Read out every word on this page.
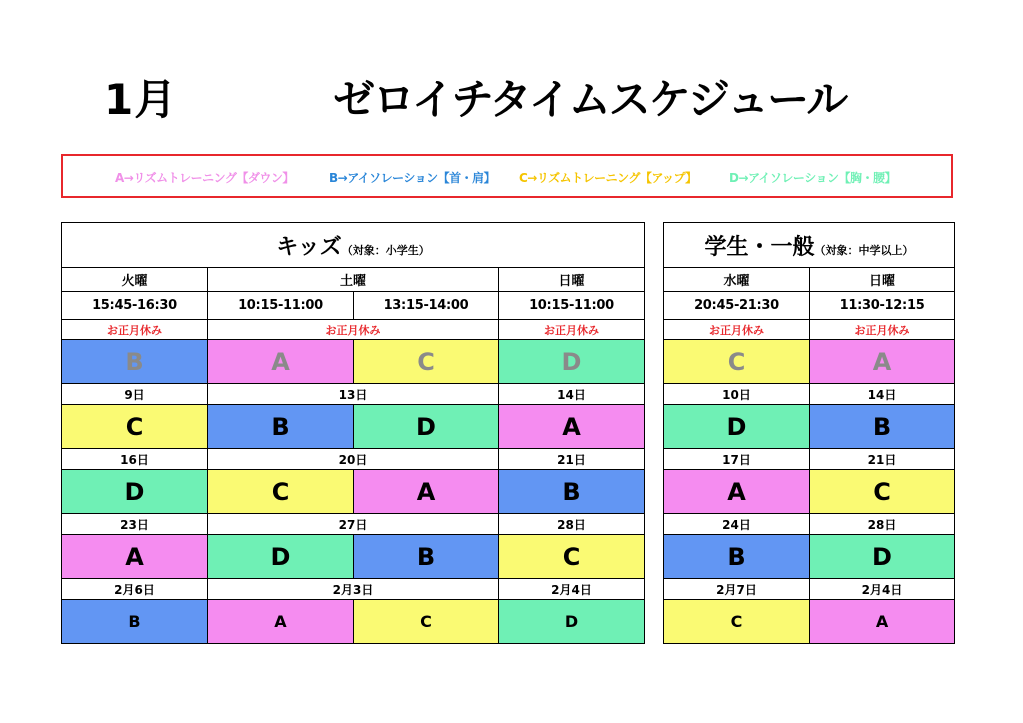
1月	ゼロイチタイムスケジュール
A→リズムトレーニング【ダウン】	B→アイソレーション【首・肩】 C→リズムトレーニング【アップ】	D→アイソレーション【胸・腰】
キッズ（対象：小学生）			
火曜	土曜		日曜
15:45-16:30	10:15-11:00	13:15-14:00	10:15-11:00
お正月休み	お正月休み		お正月休み
B	A	C	D
9日	13日		14日
C	B	D	A
16日	20日		21日
D	C	A	B
23日	27日		28日
A	D	B	C
2月6日	2月3日		2月4日
B	A	C	D
学生・一般（対象：中学以上）	
水曜	日曜
20:45-21:30	11:30-12:15
お正月休み	お正月休み
C	A
10日	14日
D	B
17日	21日
A	C
24日	28日
B	D
2月7日	2月4日
C	A
